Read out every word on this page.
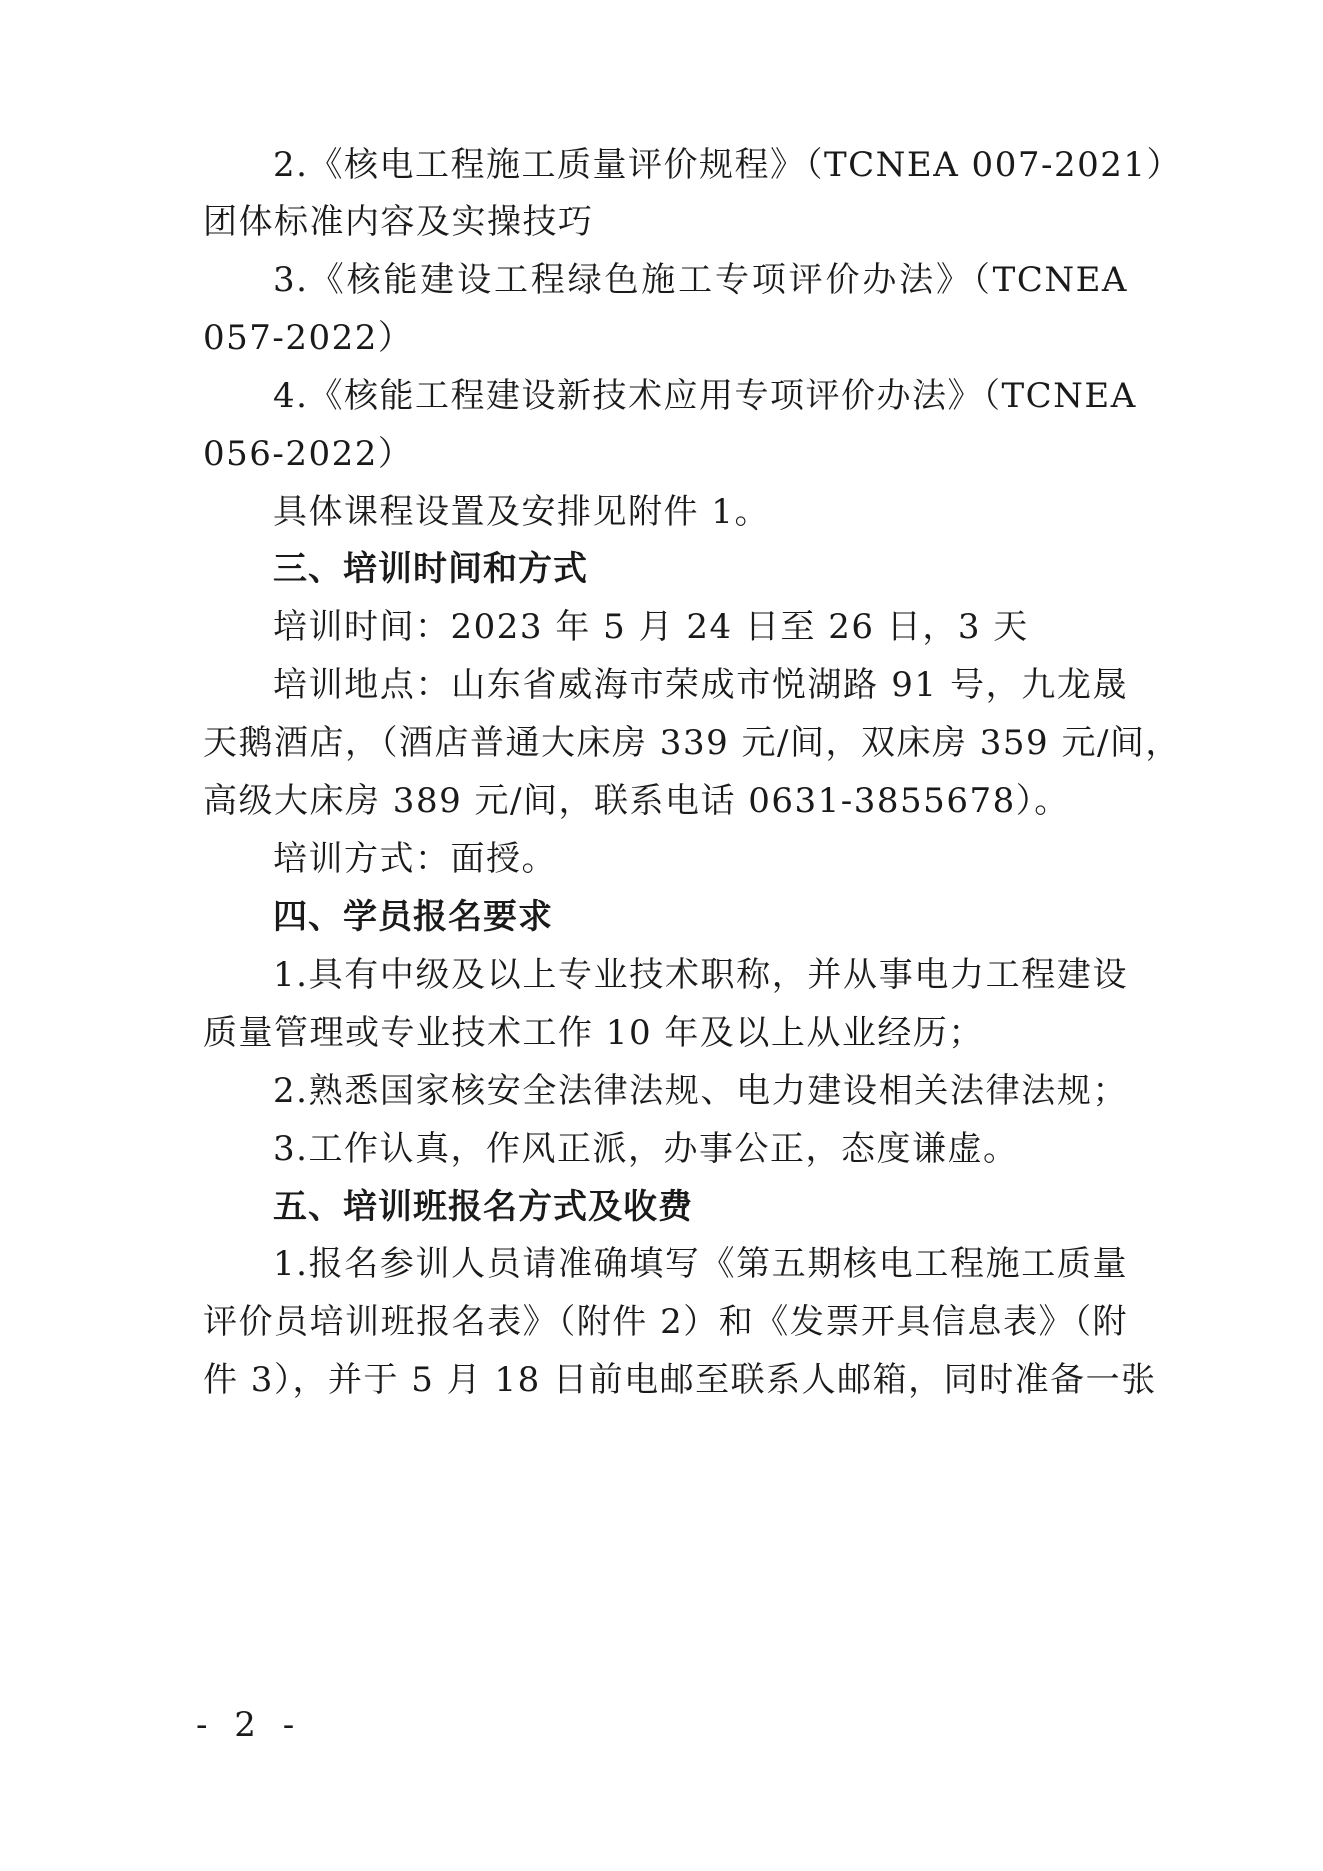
2.《核电工程施工质量评价规程》（TCNEA 007-2021）
团体标准内容及实操技巧
3.《核能建设工程绿色施工专项评价办法》（TCNEA
057-2022）
4.《核能工程建设新技术应用专项评价办法》（TCNEA
056-2022）
具体课程设置及安排见附件 1。
三、培训时间和方式
培训时间：2023 年 5 月 24 日至 26 日，3 天
培训地点：山东省威海市荣成市悦湖路 91 号，九龙晟
天鹅酒店，（酒店普通大床房 339 元/间，双床房 359 元/间，
高级大床房 389 元/间，联系电话 0631-3855678）。
培训方式：面授。
四、学员报名要求
1.具有中级及以上专业技术职称，并从事电力工程建设
质量管理或专业技术工作 10 年及以上从业经历；
2.熟悉国家核安全法律法规、电力建设相关法律法规；
3.工作认真，作风正派，办事公正，态度谦虚。
五、培训班报名方式及收费
1.报名参训人员请准确填写《第五期核电工程施工质量
评价员培训班报名表》（附件 2）和《发票开具信息表》（附
件 3），并于 5 月 18 日前电邮至联系人邮箱，同时准备一张
- 2 -
